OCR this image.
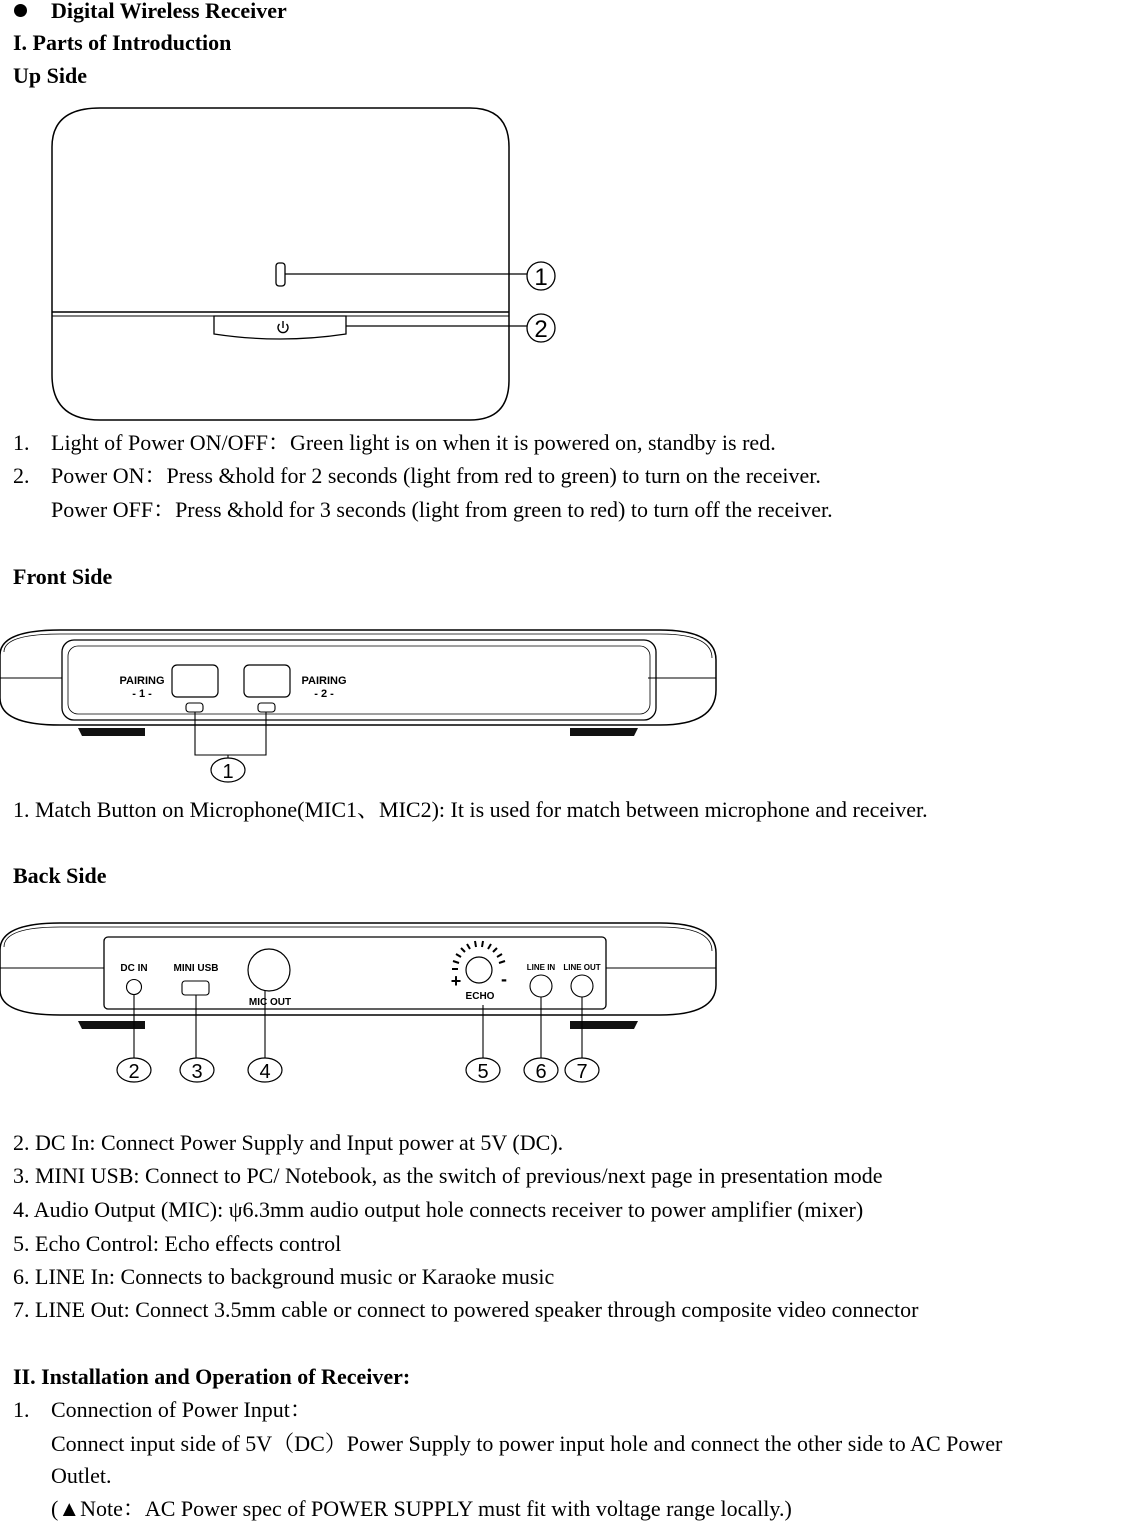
Digital Wireless Receiver
I. Parts of Introduction
Up Side
1
2
1. Light of Power ON/OFF：Green light is on when it is powered on, standby is red.
2. Power ON：Press &hold for 2 seconds (light from red to green) to turn on the receiver.
Power OFF：Press &hold for 3 seconds (light from green to red) to turn off the receiver.
Front Side
PAIRING
- 1 -
PAIRING
- 2 -
1
1. Match Button on Microphone(MIC1、MIC2): It is used for match between microphone and receiver.
Back Side
DC IN	MINI USB
MIC OUT
+ -
ECHO
LINE IN LINE OUT
2	3	4	5 6 7
2. DC In: Connect Power Supply and Input power at 5V (DC).
3. MINI USB: Connect to PC/ Notebook, as the switch of previous/next page in presentation mode
4. Audio Output (MIC): ψ6.3mm audio output hole connects receiver to power amplifier (mixer)
5. Echo Control: Echo effects control
6. LINE In: Connects to background music or Karaoke music
7. LINE Out: Connect 3.5mm cable or connect to powered speaker through composite video connector
II. Installation and Operation of Receiver:
1. Connection of Power Input：
Connect input side of 5V（DC）Power Supply to power input hole and connect the other side to AC Power
Outlet.
(▲Note：AC Power spec of POWER SUPPLY must fit with voltage range locally.)
